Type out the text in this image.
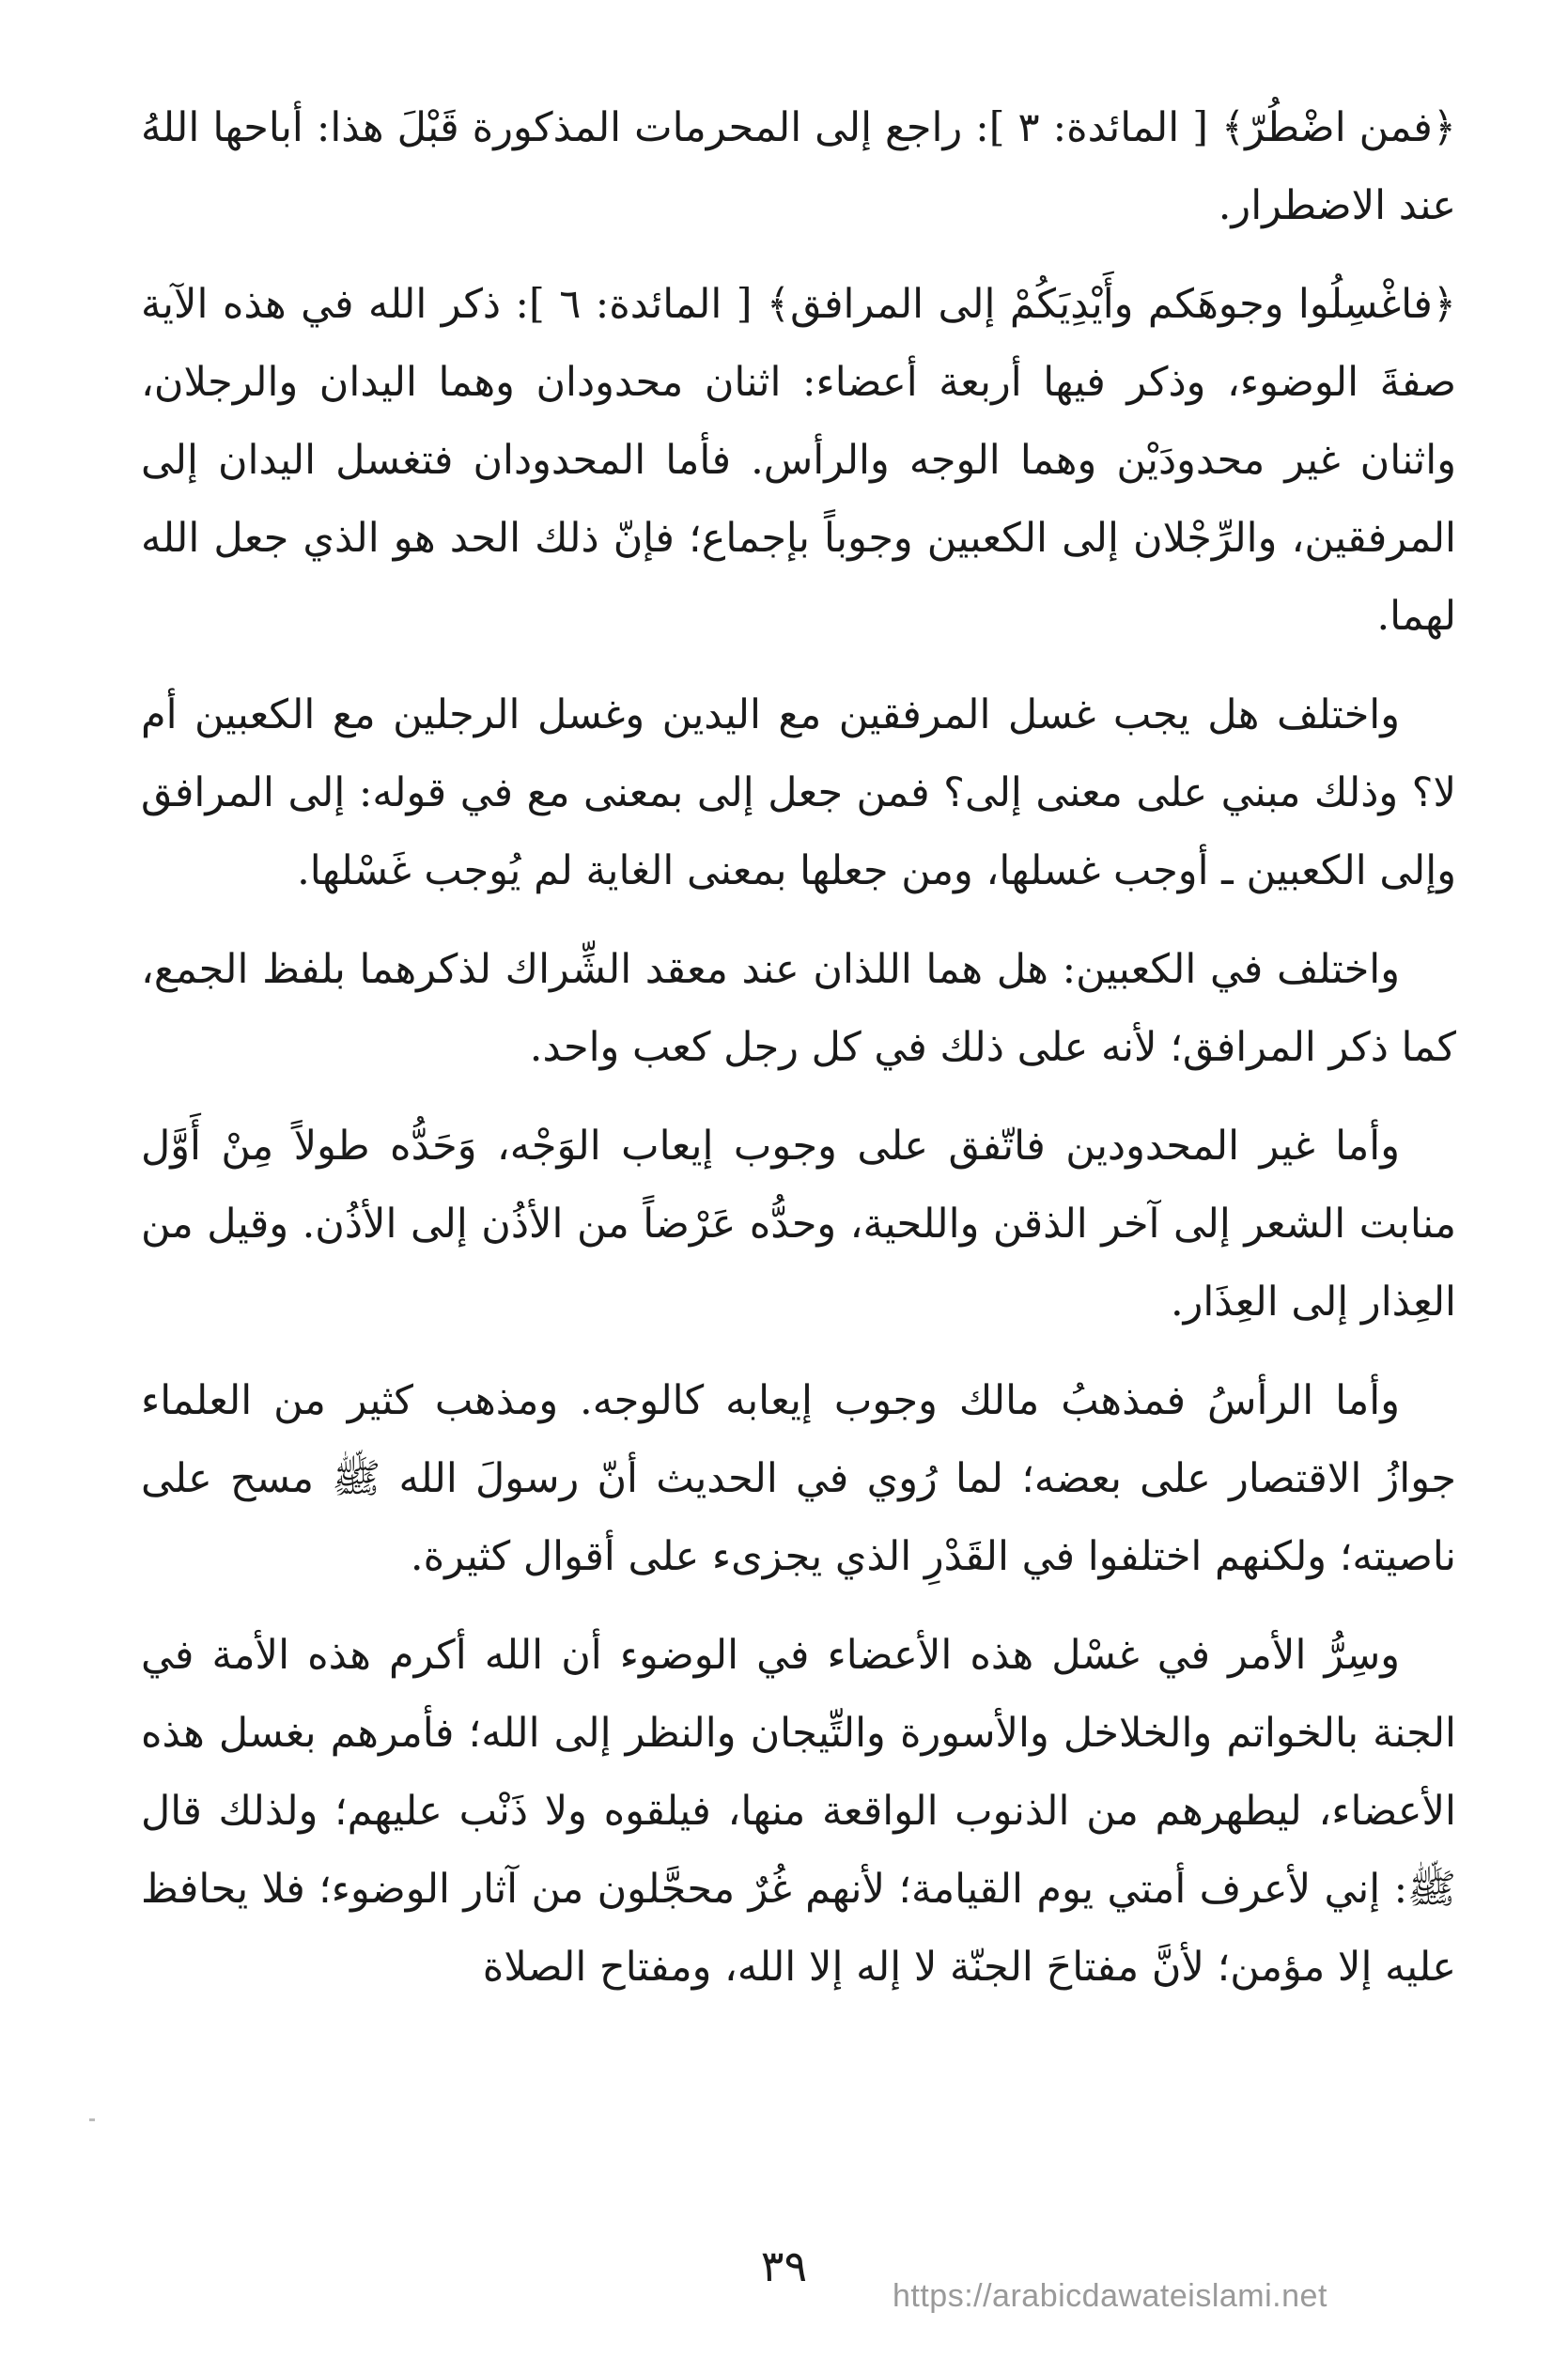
﴿فمن اضْطُرّ﴾ [ المائدة: ٣ ]: راجع إلى المحرمات المذكورة قَبْلَ هذا: أباحها اللهُ عند الاضطرار.

﴿فاغْسِلُوا وجوهَكم وأَيْدِيَكُمْ إلى المرافق﴾ [ المائدة: ٦ ]: ذكر الله في هذه الآية صفةَ الوضوء، وذكر فيها أربعة أعضاء: اثنان محدودان وهما اليدان والرجلان، واثنان غير محدودَيْن وهما الوجه والرأس. فأما المحدودان فتغسل اليدان إلى المرفقين، والرِّجْلان إلى الكعبين وجوباً بإجماع؛ فإنّ ذلك الحد هو الذي جعل الله لهما.

واختلف هل يجب غسل المرفقين مع اليدين وغسل الرجلين مع الكعبين أم لا؟ وذلك مبني على معنى إلى؟ فمن جعل إلى بمعنى مع في قوله: إلى المرافق وإلى الكعبين ـ أوجب غسلها، ومن جعلها بمعنى الغاية لم يُوجب غَسْلها.

واختلف في الكعبين: هل هما اللذان عند معقد الشِّراك لذكرهما بلفظ الجمع، كما ذكر المرافق؛ لأنه على ذلك في كل رجل كعب واحد.

وأما غير المحدودين فاتّفق على وجوب إيعاب الوَجْه، وَحَدُّه طولاً مِنْ أَوَّل منابت الشعر إلى آخر الذقن واللحية، وحدُّه عَرْضاً من الأذُن إلى الأذُن. وقيل من العِذار إلى العِذَار.

وأما الرأسُ فمذهبُ مالك وجوب إيعابه كالوجه. ومذهب كثير من العلماء جوازُ الاقتصار على بعضه؛ لما رُوي في الحديث أنّ رسولَ الله ﷺ مسح على ناصيته؛ ولكنهم اختلفوا في القَدْرِ الذي يجزىء على أقوال كثيرة.

وسِرُّ الأمر في غسْل هذه الأعضاء في الوضوء أن الله أكرم هذه الأمة في الجنة بالخواتم والخلاخل والأسورة والتِّيجان والنظر إلى الله؛ فأمرهم بغسل هذه الأعضاء، ليطهرهم من الذنوب الواقعة منها، فيلقوه ولا ذَنْب عليهم؛ ولذلك قال ﷺ: إني لأعرف أمتي يوم القيامة؛ لأنهم غُرٌ محجَّلون من آثار الوضوء؛ فلا يحافظ عليه إلا مؤمن؛ لأنَّ مفتاحَ الجنّة لا إله إلا الله، ومفتاح الصلاة

٣٩
https://arabicdawateislami.net
